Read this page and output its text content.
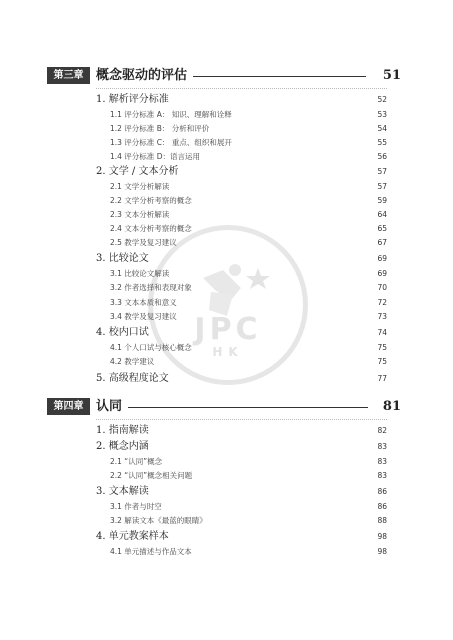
JPC
HK
第三章 概念驱动的评估	51
1. 解析评分标准	52
1.1 评分标准 A： 知识、理解和诠释	53
1.2 评分标准 B： 分析和评价	54
1.3 评分标准 C： 重点、组织和展开	55
1.4 评分标准 D：语言运用	56
2. 文学 / 文本分析	57
2.1 文学分析解读	57
2.2 文学分析考察的概念	59
2.3 文本分析解读	64
2.4 文本分析考察的概念	65
2.5 教学及复习建议	67
3. 比较论文	69
3.1 比较论文解读	69
3.2 作者选择和表现对象	70
3.3 文本本质和意义	72
3.4 教学及复习建议	73
4. 校内口试	74
4.1 个人口试与核心概念	75
4.2 教学建议	75
5. 高级程度论文	77
第四章 认同	81
1. 指南解读	82
2. 概念内涵	83
2.1 “认同”概念	83
2.2 “认同”概念相关问题	83
3. 文本解读	86
3.1 作者与时空	86
3.2 解读文本《最蓝的眼睛》	88
4. 单元教案样本	98
4.1 单元描述与作品文本	98
